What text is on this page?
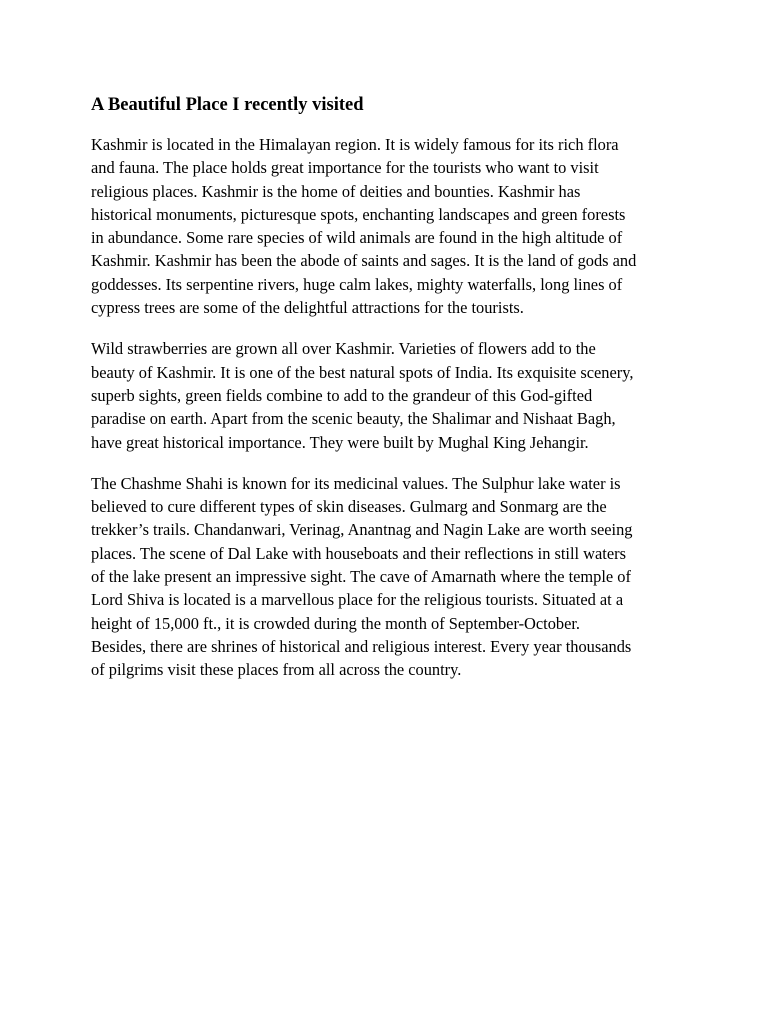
A Beautiful Place I recently visited
Kashmir is located in the Himalayan region. It is widely famous for its rich flora
and fauna. The place holds great importance for the tourists who want to visit
religious places. Kashmir is the home of deities and bounties. Kashmir has
historical monuments, picturesque spots, enchanting landscapes and green forests
in abundance. Some rare species of wild animals are found in the high altitude of
Kashmir. Kashmir has been the abode of saints and sages. It is the land of gods and
goddesses. Its serpentine rivers, huge calm lakes, mighty waterfalls, long lines of
cypress trees are some of the delightful attractions for the tourists.
Wild strawberries are grown all over Kashmir. Varieties of flowers add to the
beauty of Kashmir. It is one of the best natural spots of India. Its exquisite scenery,
superb sights, green fields combine to add to the grandeur of this God-gifted
paradise on earth. Apart from the scenic beauty, the Shalimar and Nishaat Bagh,
have great historical importance. They were built by Mughal King Jehangir.
The Chashme Shahi is known for its medicinal values. The Sulphur lake water is
believed to cure different types of skin diseases. Gulmarg and Sonmarg are the
trekker’s trails. Chandanwari, Verinag, Anantnag and Nagin Lake are worth seeing
places. The scene of Dal Lake with houseboats and their reflections in still waters
of the lake present an impressive sight. The cave of Amarnath where the temple of
Lord Shiva is located is a marvellous place for the religious tourists. Situated at a
height of 15,000 ft., it is crowded during the month of September-October.
Besides, there are shrines of historical and religious interest. Every year thousands
of pilgrims visit these places from all across the country.
